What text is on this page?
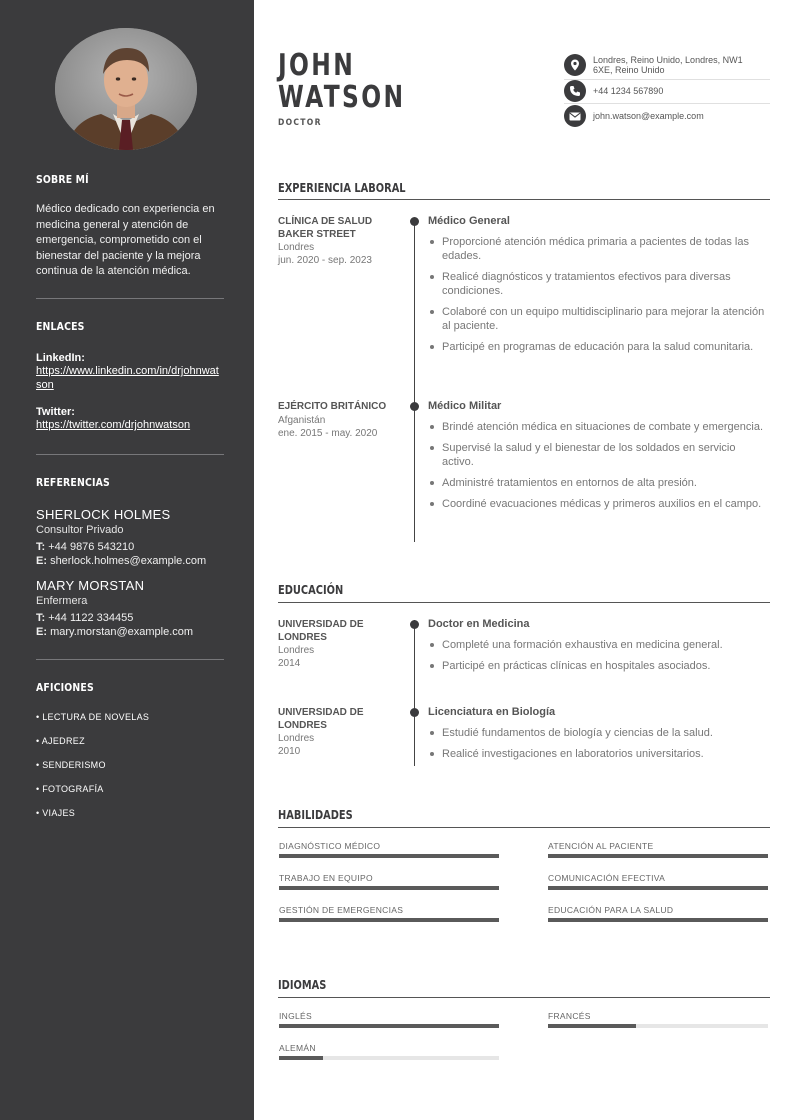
SOBRE MÍ
Médico dedicado con experiencia en medicina general y atención de emergencia, comprometido con el bienestar del paciente y la mejora continua de la atención médica.
ENLACES
LinkedIn:
https://www.linkedin.com/in/drjohnwatson
Twitter:
https://twitter.com/drjohnwatson
REFERENCIAS
SHERLOCK HOLMES
Consultor Privado
T: +44 9876 543210
E: sherlock.holmes@example.com
MARY MORSTAN
Enfermera
T: +44 1122 334455
E: mary.morstan@example.com
AFICIONES
• LECTURA DE NOVELAS
• AJEDREZ
• SENDERISMO
• FOTOGRAFÍA
• VIAJES
JOHN
WATSON
DOCTOR
Londres, Reino Unido, Londres, NW1 6XE, Reino Unido
+44 1234 567890
john.watson@example.com
EXPERIENCIA LABORAL
CLÍNICA DE SALUD BAKER STREET
Londres
jun. 2020 - sep. 2023
Médico General
Proporcioné atención médica primaria a pacientes de todas las edades.
Realicé diagnósticos y tratamientos efectivos para diversas condiciones.
Colaboré con un equipo multidisciplinario para mejorar la atención al paciente.
Participé en programas de educación para la salud comunitaria.
EJÉRCITO BRITÁNICO
Afganistán
ene. 2015 - may. 2020
Médico Militar
Brindé atención médica en situaciones de combate y emergencia.
Supervisé la salud y el bienestar de los soldados en servicio activo.
Administré tratamientos en entornos de alta presión.
Coordiné evacuaciones médicas y primeros auxilios en el campo.
EDUCACIÓN
UNIVERSIDAD DE LONDRES
Londres
2014
Doctor en Medicina
Completé una formación exhaustiva en medicina general.
Participé en prácticas clínicas en hospitales asociados.
UNIVERSIDAD DE LONDRES
Londres
2010
Licenciatura en Biología
Estudié fundamentos de biología y ciencias de la salud.
Realicé investigaciones en laboratorios universitarios.
HABILIDADES
DIAGNÓSTICO MÉDICO	ATENCIÓN AL PACIENTE
TRABAJO EN EQUIPO	COMUNICACIÓN EFECTIVA
GESTIÓN DE EMERGENCIAS	EDUCACIÓN PARA LA SALUD
IDIOMAS
INGLÉS	FRANCÉS
ALEMÁN
